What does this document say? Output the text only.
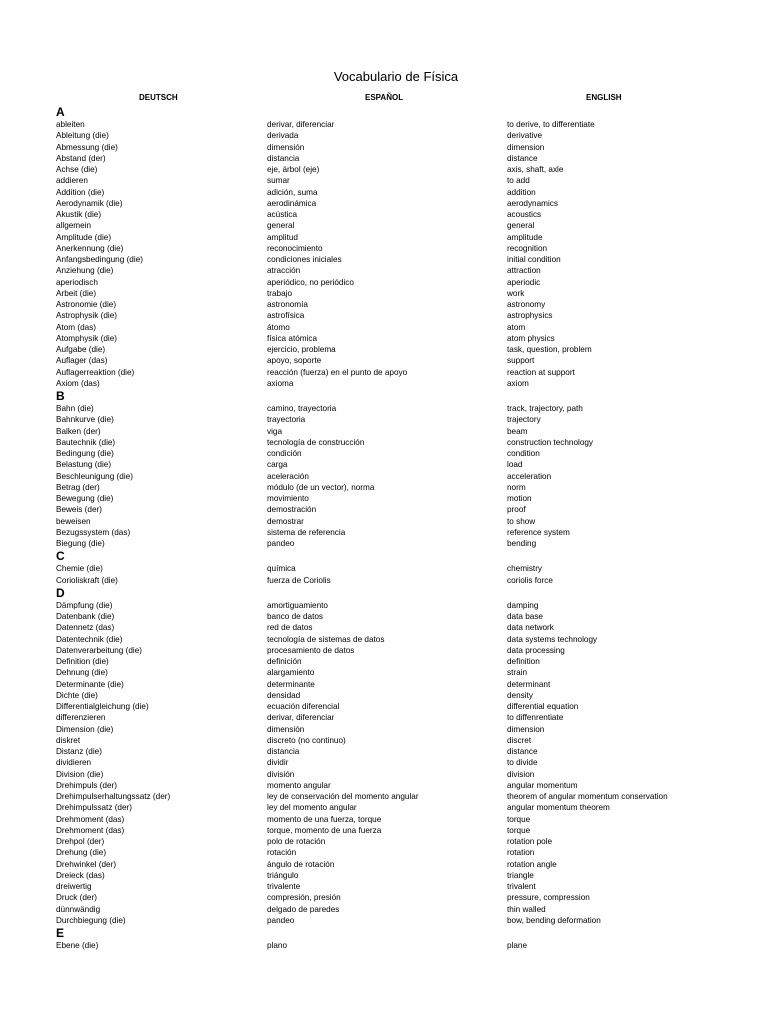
Vocabulario de Física
DEUTSCH	ESPAÑOL	ENGLISH
A
ableiten	derivar, diferenciar	to derive, to differentiate
Ableitung (die)	derivada	derivative
Abmessung (die)	dimensión	dimension
Abstand (der)	distancia	distance
Achse (die)	eje, árbol (eje)	axis, shaft, axle
addieren	sumar	to add
Addition (die)	adición, suma	addition
Aerodynamik (die)	aerodinámica	aerodynamics
Akustik (die)	acústica	acoustics
allgemein	general	general
Amplitude (die)	amplitud	amplitude
Anerkennung (die)	reconocimiento	recognition
Anfangsbedingung (die)	condiciones iniciales	initial condition
Anziehung (die)	atracción	attraction
aperiodisch	aperiódico, no periódico	aperiodic
Arbeit (die)	trabajo	work
Astronomie (die)	astronomía	astronomy
Astrophysik (die)	astrofísica	astrophysics
Atom (das)	átomo	atom
Atomphysik (die)	física atómica	atom physics
Aufgabe (die)	ejercicio, problema	task, question, problem
Auflager (das)	apoyo, soporte	support
Auflagerreaktion (die)	reacción (fuerza) en el punto de apoyo	reaction at support
Axiom (das)	axioma	axiom
B
Bahn (die)	camino, trayectoria	track, trajectory, path
Bahnkurve (die)	trayectoria	trajectory
Balken (der)	viga	beam
Bautechnik (die)	tecnología de construcción	construction technology
Bedingung (die)	condición	condition
Belastung (die)	carga	load
Beschleunigung (die)	aceleración	acceleration
Betrag (der)	módulo (de un vector), norma	norm
Bewegung (die)	movimiento	motion
Beweis (der)	demostración	proof
beweisen	demostrar	to show
Bezugssystem (das)	sistema de referencia	reference system
Biegung (die)	pandeo	bending
C
Chemie (die)	química	chemistry
Corioliskraft (die)	fuerza de Coriolis	coriolis force
D
Dämpfung (die)	amortiguamiento	damping
Datenbank (die)	banco de datos	data base
Datennetz (das)	red de datos	data network
Datentechnik (die)	tecnología de sistemas de datos	data systems technology
Datenverarbeitung (die)	procesamiento de datos	data processing
Definition (die)	definición	definition
Dehnung (die)	alargamiento	strain
Determinante (die)	determinante	determinant
Dichte (die)	densidad	density
Differentialgleichung (die)	ecuación diferencial	differential equation
differenzieren	derivar, diferenciar	to diffenrentiate
Dimension (die)	dimensión	dimension
diskret	discreto (no continuo)	discret
Distanz (die)	distancia	distance
dividieren	dividir	to divide
Division (die)	división	division
Drehimpuls (der)	momento angular	angular momentum
Drehimpulserhaltungssatz (der)	ley de conservación del momento angular	theorem of angular momentum conservation
Drehimpulssatz (der)	ley del momento angular	angular momentum theorem
Drehmoment (das)	momento de una fuerza, torque	torque
Drehmoment (das)	torque, momento de una fuerza	torque
Drehpol (der)	polo de rotación	rotation pole
Drehung (die)	rotación	rotation
Drehwinkel (der)	ángulo de rotación	rotation angle
Dreieck (das)	triángulo	triangle
dreiwertig	trivalente	trivalent
Druck (der)	compresión, presión	pressure, compression
dünnwändig	delgado de paredes	thin walled
Durchbiegung (die)	pandeo	bow, bending deformation
E
Ebene (die)	plano	plane
